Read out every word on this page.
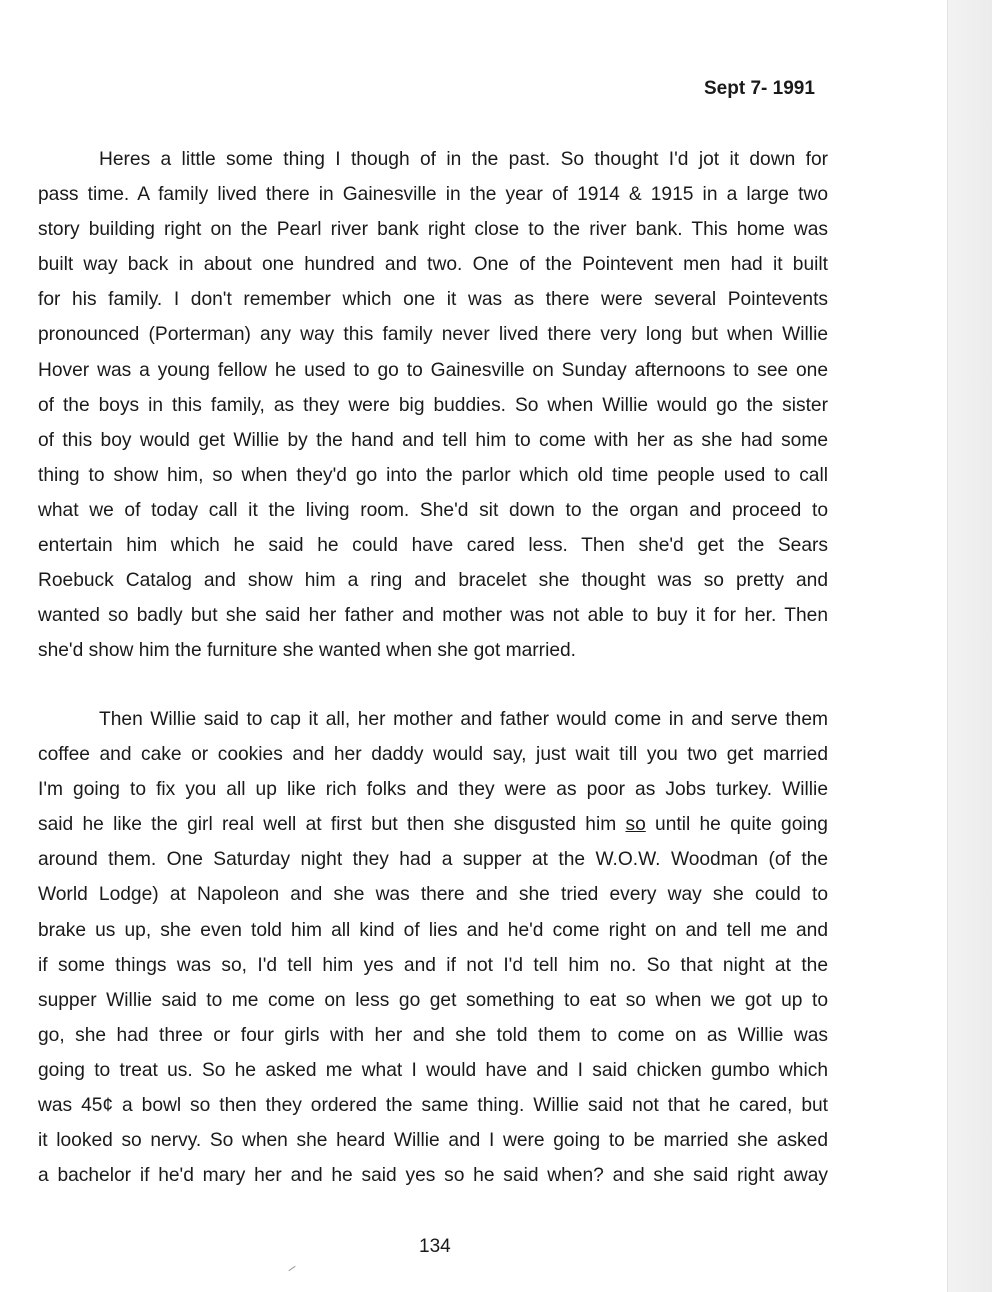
Sept 7- 1991
Heres a little some thing I though of in the past. So thought I'd jot it down for
pass time. A family lived there in Gainesville in the year of 1914 & 1915 in a large two
story building right on the Pearl river bank right close to the river bank. This home was
built way back in about one hundred and two. One of the Pointevent men had it built
for his family. I don't remember which one it was as there were several Pointevents
pronounced (Porterman) any way this family never lived there very long but when Willie
Hover was a young fellow he used to go to Gainesville on Sunday afternoons to see one
of the boys in this family, as they were big buddies. So when Willie would go the sister
of this boy would get Willie by the hand and tell him to come with her as she had some
thing to show him, so when they'd go into the parlor which old time people used to call
what we of today call it the living room. She'd sit down to the organ and proceed to
entertain him which he said he could have cared less. Then she'd get the Sears
Roebuck Catalog and show him a ring and bracelet she thought was so pretty and
wanted so badly but she said her father and mother was not able to buy it for her. Then
she'd show him the furniture she wanted when she got married.
Then Willie said to cap it all, her mother and father would come in and serve them
coffee and cake or cookies and her daddy would say, just wait till you two get married
I'm going to fix you all up like rich folks and they were as poor as Jobs turkey. Willie
said he like the girl real well at first but then she disgusted him so until he quite going
around them. One Saturday night they had a supper at the W.O.W. Woodman (of the
World Lodge) at Napoleon and she was there and she tried every way she could to
brake us up, she even told him all kind of lies and he'd come right on and tell me and
if some things was so, I'd tell him yes and if not I'd tell him no. So that night at the
supper Willie said to me come on less go get something to eat so when we got up to
go, she had three or four girls with her and she told them to come on as Willie was
going to treat us. So he asked me what I would have and I said chicken gumbo which
was 45¢ a bowl so then they ordered the same thing. Willie said not that he cared, but
it looked so nervy. So when she heard Willie and I were going to be married she asked
a bachelor if he'd mary her and he said yes so he said when? and she said right away
134
